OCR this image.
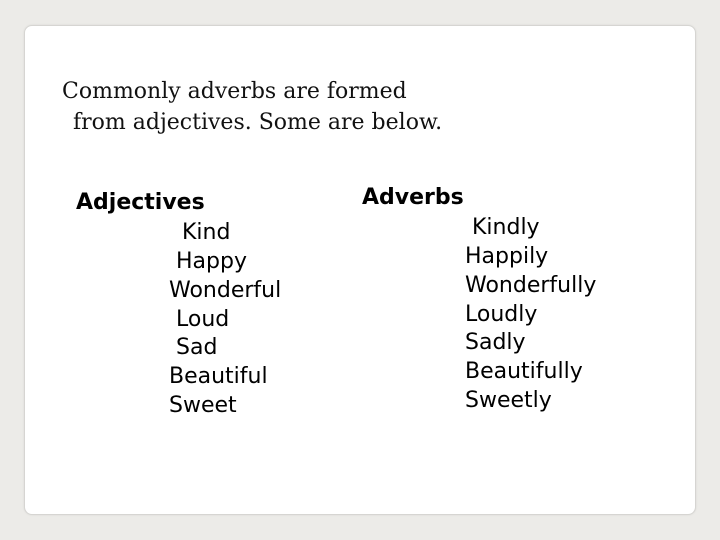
Commonly adverbs are formed
from adjectives. Some are below.
Adjectives
Kind
Happy
Wonderful
Loud
Sad
Beautiful
Sweet
Adverbs
Kindly
Happily
Wonderfully
Loudly
Sadly
Beautifully
Sweetly
